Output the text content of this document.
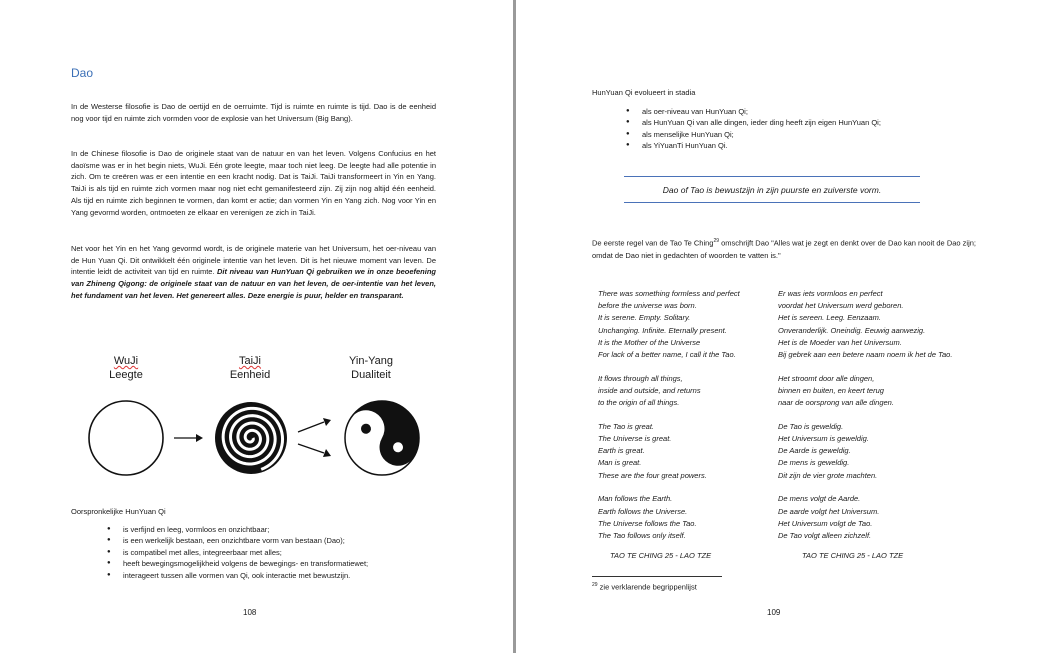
Dao

In de Westerse filosofie is Dao de oertijd en de oerruimte. Tijd is ruimte en ruimte is tijd. Dao is de eenheid nog voor tijd en ruimte zich vormden voor de explosie van het Universum (Big Bang).

In de Chinese filosofie is Dao de originele staat van de natuur en van het leven. Volgens Confucius en het daoïsme was er in het begin niets, WuJi. Eén grote leegte, maar toch niet leeg. De leegte had alle potentie in zich. Om te creëren was er een intentie en een kracht nodig. Dat is TaiJi. TaiJi transformeert in Yin en Yang. TaiJi is als tijd en ruimte zich vormen maar nog niet echt gemanifesteerd zijn. Zij zijn nog altijd één eenheid. Als tijd en ruimte zich beginnen te vormen, dan komt er actie; dan vormen Yin en Yang zich. Nog voor Yin en Yang gevormd worden, ontmoeten ze elkaar en verenigen ze zich in TaiJi.

Net voor het Yin en het Yang gevormd wordt, is de originele materie van het Universum, het oer-niveau van de Hun Yuan Qi. Dit ontwikkelt één originele intentie van het leven. Dit is het nieuwe moment van leven. De intentie leidt de activiteit van tijd en ruimte. Dit niveau van HunYuan Qi gebruiken we in onze beoefening van Zhineng Qigong: de originele staat van de natuur en van het leven, de oer-intentie van het leven, het fundament van het leven. Het genereert alles. Deze energie is puur, helder en transparant.

WuJi
Leegte
TaiJi
Eenheid
Yin-Yang
Dualiteit
Oorspronkelijke HunYuan Qi
● is verfijnd en leeg, vormloos en onzichtbaar;
● is een werkelijk bestaan, een onzichtbare vorm van bestaan (Dao);
● is compatibel met alles, integreerbaar met alles;
● heeft bewegingsmogelijkheid volgens de bewegings- en transformatiewet;
● interageert tussen alle vormen van Qi, ook interactie met bewustzijn.
108
HunYuan Qi evolueert in stadia
● als oer-niveau van HunYuan Qi;
● als HunYuan Qi van alle dingen, ieder ding heeft zijn eigen HunYuan Qi;
● als menselijke HunYuan Qi;
● als YiYuanTi HunYuan Qi.
Dao of Tao is bewustzijn in zijn puurste en zuiverste vorm.

De eerste regel van de Tao Te Ching$^{29}$ omschrijft Dao "Alles wat je zegt en denkt over de Dao kan nooit de Dao zijn; omdat de Dao niet in gedachten of woorden te vatten is."

There was something formless and perfect
before the universe was born.
It is serene. Empty. Solitary.
Unchanging. Infinite. Eternally present.
It is the Mother of the Universe
For lack of a better name, I call it the Tao.
It flows through all things,
inside and outside, and returns
to the origin of all things.
The Tao is great.
The Universe is great.
Earth is great.
Man is great.
These are the four great powers.
Man follows the Earth.
Earth follows the Universe.
The Universe follows the Tao.
The Tao follows only itself.
Er was iets vormloos en perfect
voordat het Universum werd geboren.
Het is sereen. Leeg. Eenzaam.
Onveranderlijk. Oneindig. Eeuwig aanwezig.
Het is de Moeder van het Universum.
Bij gebrek aan een betere naam noem ik het de Tao.
Het stroomt door alle dingen,
binnen en buiten, en keert terug
naar de oorsprong van alle dingen.
De Tao is geweldig.
Het Universum is geweldig.
De Aarde is geweldig.
De mens is geweldig.
Dit zijn de vier grote machten.
De mens volgt de Aarde.
De aarde volgt het Universum.
Het Universum volgt de Tao.
De Tao volgt alleen zichzelf.
TAO TE CHING 25 - LAO TZE	TAO TE CHING 25 - LAO TZE
$^{29}$ zie verklarende begrippenlijst
109
